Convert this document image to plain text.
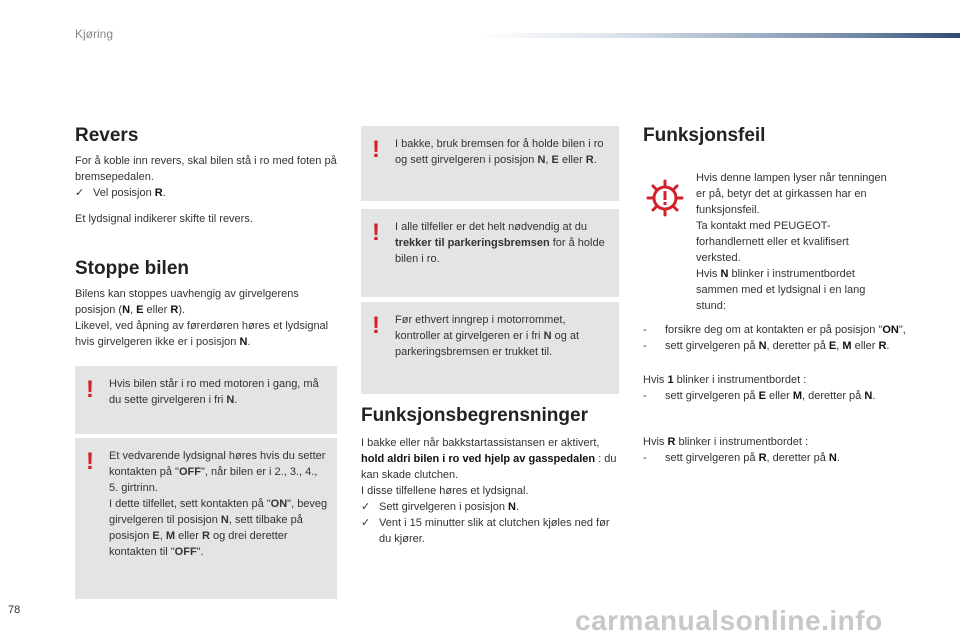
Kjøring
Revers
For å koble inn revers, skal bilen stå i ro med foten på bremsepedalen.
✓ Vel posisjon R.
Et lydsignal indikerer skifte til revers.
Stoppe bilen
Bilens kan stoppes uavhengig av girvelgerens posisjon (N, E eller R).
Likevel, ved åpning av førerdøren høres et lydsignal hvis girvelgeren ikke er i posisjon N.
! Hvis bilen står i ro med motoren i gang, må du sette girvelgeren i fri N.
! Et vedvarende lydsignal høres hvis du setter kontakten på "OFF", når bilen er i 2., 3., 4., 5. girtrinn.
I dette tilfellet, sett kontakten på "ON", beveg girvelgeren til posisjon N, sett tilbake på posisjon E, M eller R og drei deretter kontakten til "OFF".
! I bakke, bruk bremsen for å holde bilen i ro og sett girvelgeren i posisjon N, E eller R.
! I alle tilfeller er det helt nødvendig at du trekker til parkeringsbremsen for å holde bilen i ro.
! Før ethvert inngrep i motorrommet, kontroller at girvelgeren er i fri N og at parkeringsbremsen er trukket til.
Funksjonsbegrensninger
I bakke eller når bakkstartassistansen er aktivert, hold aldri bilen i ro ved hjelp av gasspedalen : du kan skade clutchen.
I disse tilfellene høres et lydsignal.
✓ Sett girvelgeren i posisjon N.
✓ Vent i 15 minutter slik at clutchen kjøles ned før du kjører.
Funksjonsfeil
Hvis denne lampen lyser når tenningen er på, betyr det at girkassen har en funksjonsfeil.
Ta kontakt med PEUGEOT-forhandlernett eller et kvalifisert verksted.
Hvis N blinker i instrumentbordet sammen med et lydsignal i en lang stund:
-	forsikre deg om at kontakten er på posisjon "ON",
-	sett girvelgeren på N, deretter på E, M eller R.
Hvis 1 blinker i instrumentbordet :
-	sett girvelgeren på E eller M, deretter på N.
Hvis R blinker i instrumentbordet :
-	sett girvelgeren på R, deretter på N.
78	carmanualsonline.info
